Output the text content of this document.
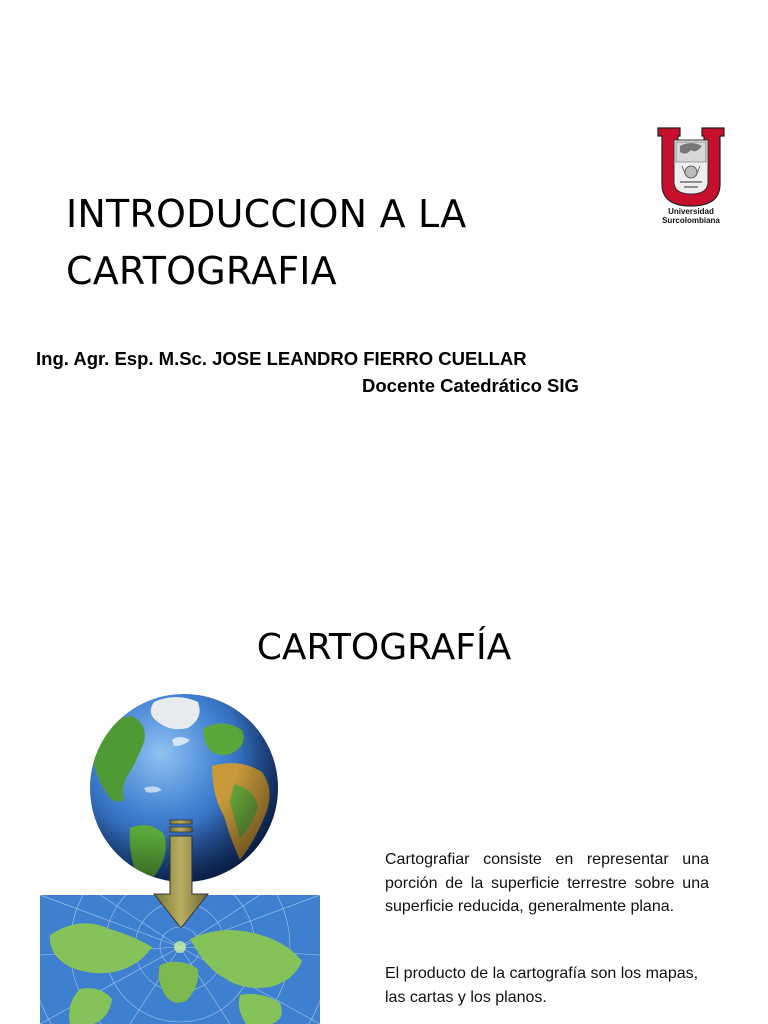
INTRODUCCION A LA
CARTOGRAFIA
Ing. Agr. Esp. M.Sc. JOSE LEANDRO FIERRO CUELLAR
Docente Catedrático SIG
Universidad
Surcolombiana
CARTOGRAFÍA

Cartografiar consiste en representar una porción de la superficie terrestre sobre una superficie reducida, generalmente plana.

El producto de la cartografía son los mapas, las cartas y los planos.
